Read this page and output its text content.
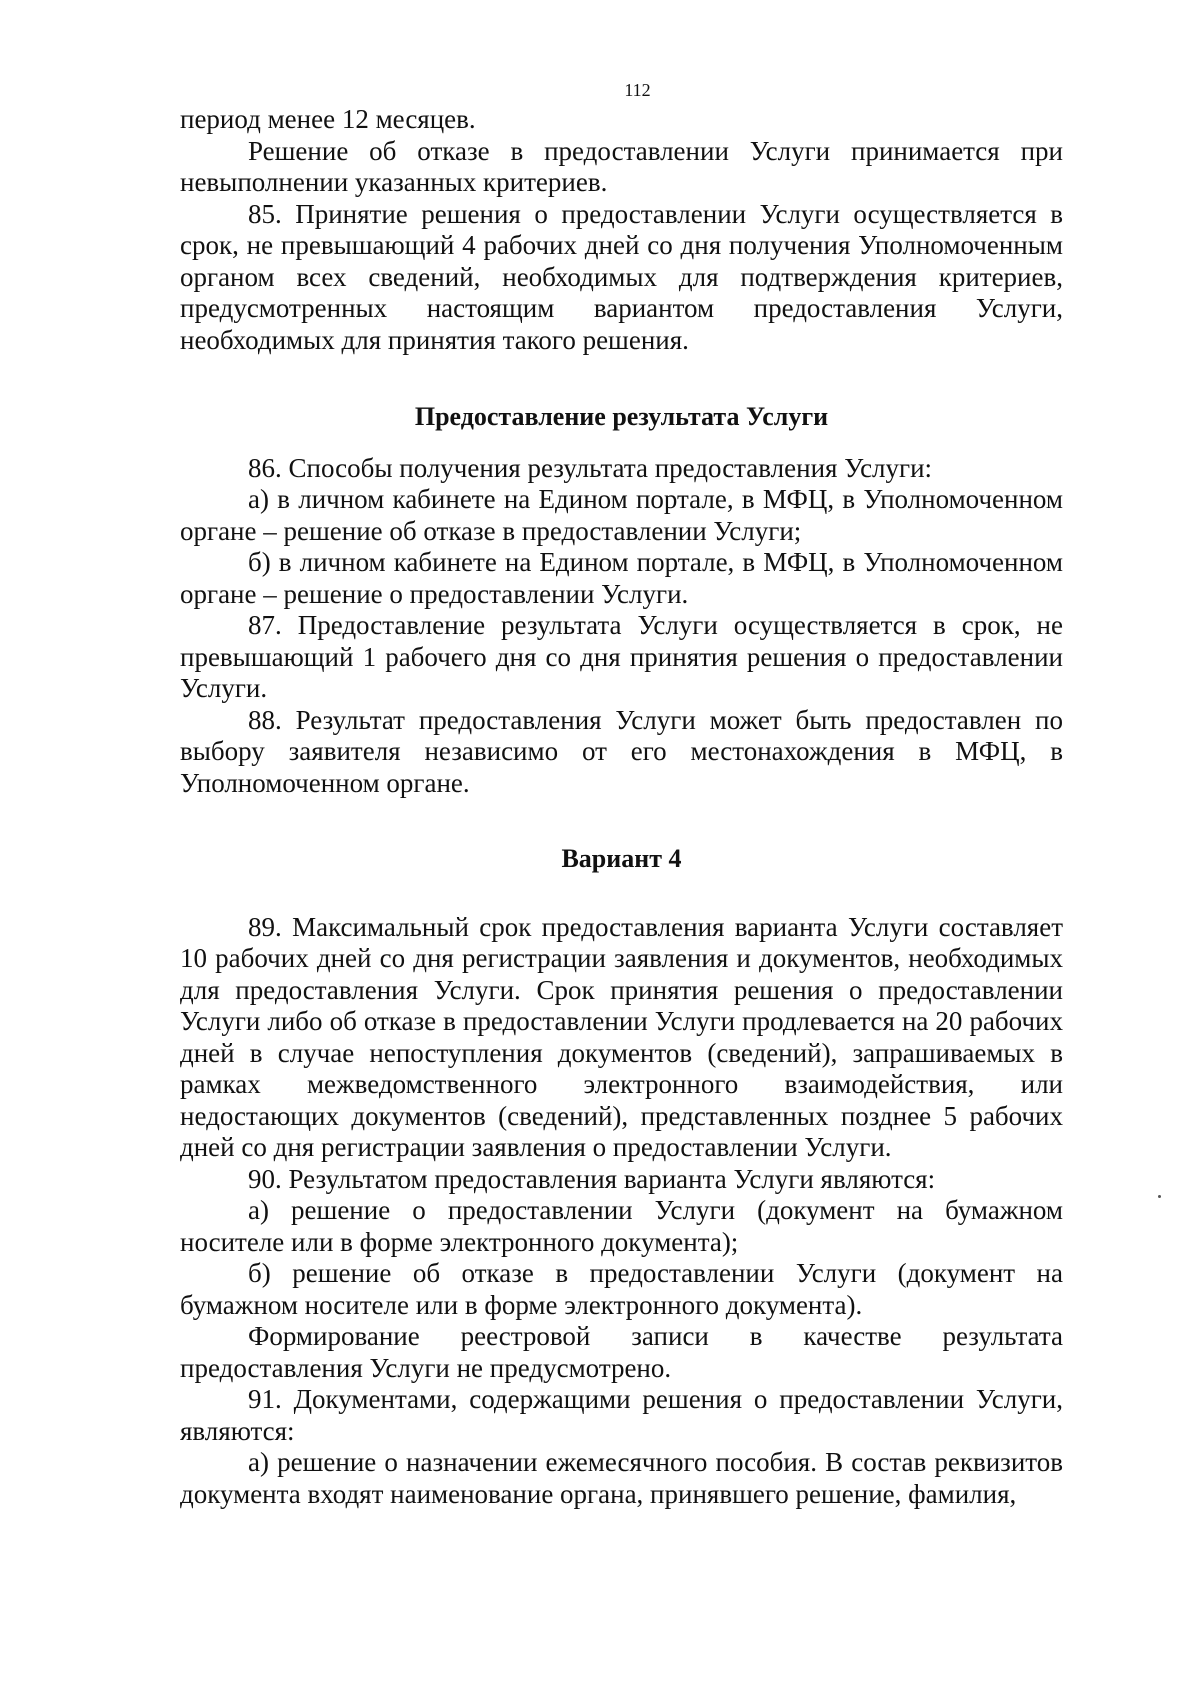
112

период менее 12 месяцев.

Решение об отказе в предоставлении Услуги принимается при невыполнении указанных критериев.

85. Принятие решения о предоставлении Услуги осуществляется в срок, не превышающий 4 рабочих дней со дня получения Уполномоченным органом всех сведений, необходимых для подтверждения критериев, предусмотренных настоящим вариантом предоставления Услуги, необходимых для принятия такого решения.

Предоставление результата Услуги

86. Способы получения результата предоставления Услуги:

а) в личном кабинете на Едином портале, в МФЦ, в Уполномоченном органе – решение об отказе в предоставлении Услуги;

б) в личном кабинете на Едином портале, в МФЦ, в Уполномоченном органе – решение о предоставлении Услуги.

87. Предоставление результата Услуги осуществляется в срок, не превышающий 1 рабочего дня со дня принятия решения о предоставлении Услуги.

88. Результат предоставления Услуги может быть предоставлен по выбору заявителя независимо от его местонахождения в МФЦ, в Уполномоченном органе.

Вариант 4

89. Максимальный срок предоставления варианта Услуги составляет 10 рабочих дней со дня регистрации заявления и документов, необходимых для предоставления Услуги. Срок принятия решения о предоставлении Услуги либо об отказе в предоставлении Услуги продлевается на 20 рабочих дней в случае непоступления документов (сведений), запрашиваемых в рамках межведомственного электронного взаимодействия, или недостающих документов (сведений), представленных позднее 5 рабочих дней со дня регистрации заявления о предоставлении Услуги.

90. Результатом предоставления варианта Услуги являются:

а) решение о предоставлении Услуги (документ на бумажном носителе или в форме электронного документа);

б) решение об отказе в предоставлении Услуги (документ на бумажном носителе или в форме электронного документа).

Формирование реестровой записи в качестве результата предоставления Услуги не предусмотрено.

91. Документами, содержащими решения о предоставлении Услуги, являются:

а) решение о назначении ежемесячного пособия. В состав реквизитов документа входят наименование органа, принявшего решение, фамилия,
